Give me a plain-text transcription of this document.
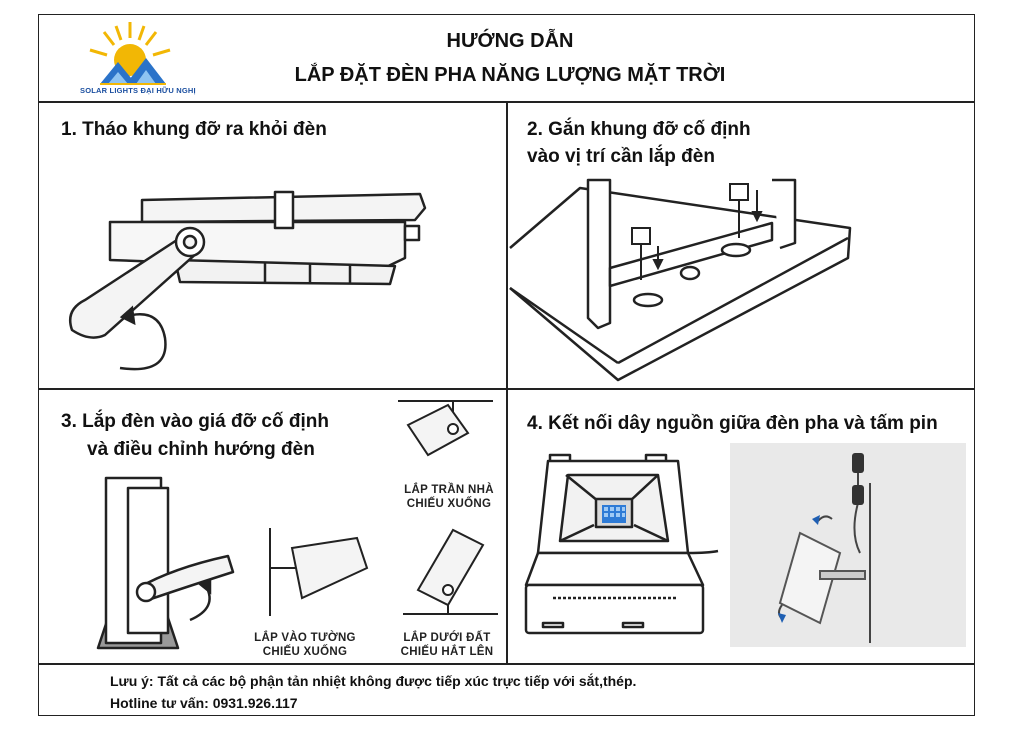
SOLAR LIGHTS ĐẠI HỮU NGHỊ
HƯỚNG DẪN
LẮP ĐẶT ĐÈN PHA NĂNG LƯỢNG MẶT TRỜI
1. Tháo khung đỡ ra khỏi đèn	2. Gắn khung đỡ cố định
vào vị trí cần lắp đèn
3. Lắp đèn vào giá đỡ cố định
và điều chỉnh hướng đèn
LẮP TRẦN NHÀ
CHIẾU XUỐNG
LẮP VÀO TƯỜNG
CHIẾU XUỐNG
LẮP DƯỚI ĐẤT
CHIẾU HẮT LÊN
4. Kết nối dây nguồn giữa đèn pha và tấm pin
Lưu ý: Tất cả các bộ phận tản nhiệt không được tiếp xúc trực tiếp với sắt,thép.
Hotline tư vấn: 0931.926.117
